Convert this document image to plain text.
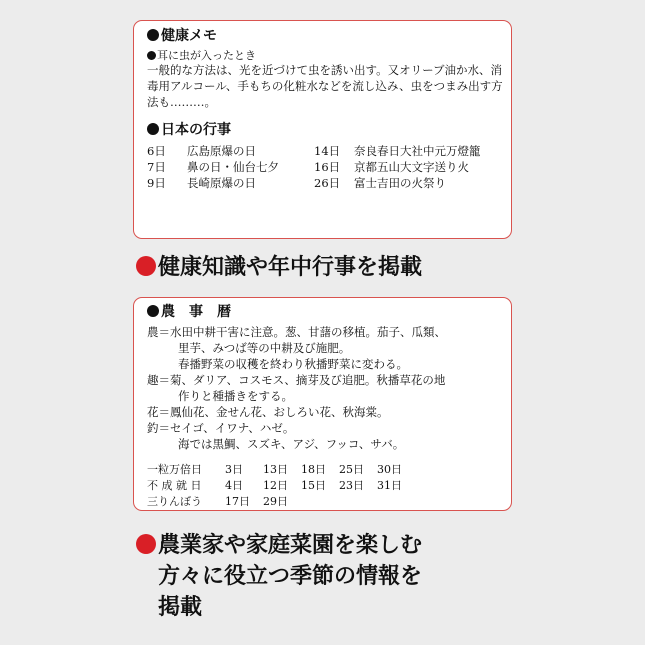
健康メモ
耳に虫が入ったとき
一般的な方法は、光を近づけて虫を誘い出す。又オリーブ油か水、消毒用アルコール、手もちの化粧水などを流し込み、虫をつまみ出す方法も………。
日本の行事
6日 広島原爆の日
7日 鼻の日・仙台七夕
9日 長崎原爆の日
14日 奈良春日大社中元万燈籠
16日 京都五山大文字送り火
26日 富士吉田の火祭り
健康知識や年中行事を掲載
農　事　暦
農＝水田中耕干害に注意。葱、甘藷の移植。茄子、瓜類、
里芋、みつば等の中耕及び施肥。
春播野菜の収穫を終わり秋播野菜に変わる。
趣＝菊、ダリア、コスモス、摘芽及び追肥。秋播草花の地
作りと種播きをする。
花＝鳳仙花、金せん花、おしろい花、秋海棠。
釣＝セイゴ、イワナ、ハゼ。
海では黒鯛、スズキ、アジ、フッコ、サバ。
一粒万倍日 3日 13日 18日 25日 30日
不 成 就 日 4日 12日 15日 23日 31日
三りんぼう 17日 29日
農業家や家庭菜園を楽しむ
方々に役立つ季節の情報を
掲載
